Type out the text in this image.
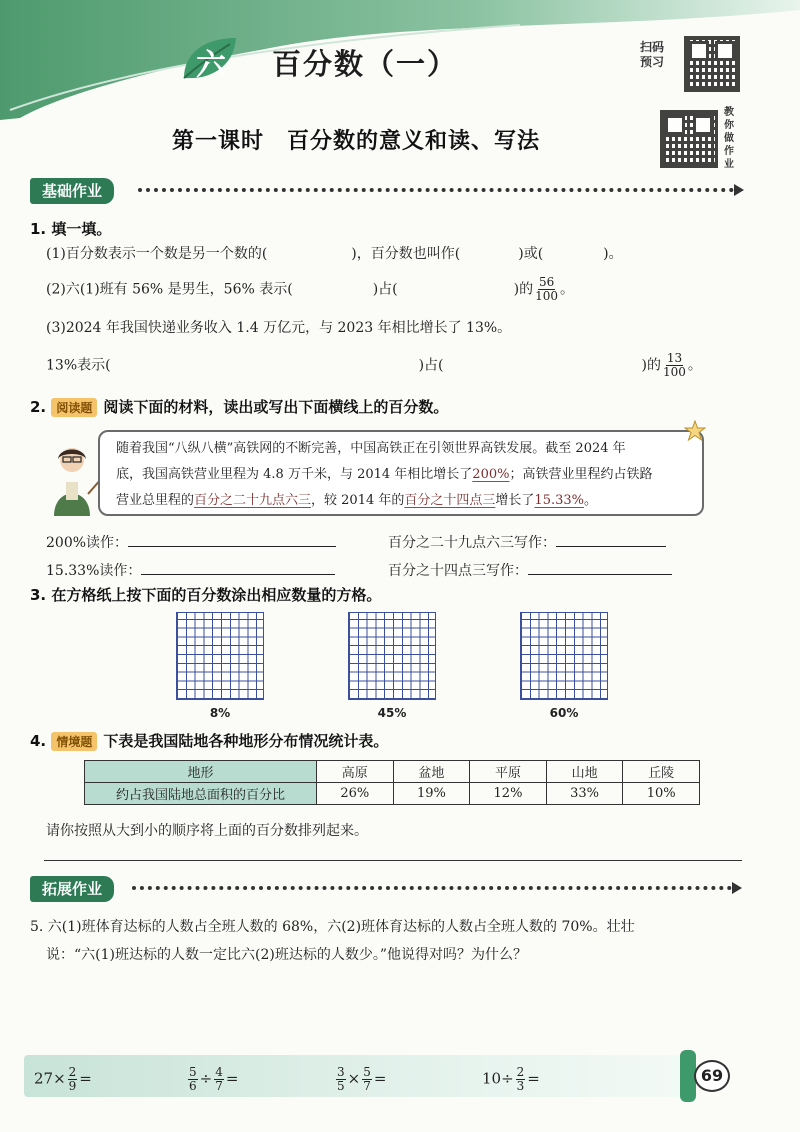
六 百分数（一）	扫码预习
教你做作业
第一课时　百分数的意义和读、写法
基础作业
1. 填一填。
(1)百分数表示一个数是另一个数的(	)，百分数也叫作(	)或(	)。
(2)六(1)班有 56% 是男生，56% 表示(	)占(	)的 $\frac{56}{100}$ 。
(3)2024 年我国快递业务收入 1.4 万亿元，与 2023 年相比增长了 13%。
13%表示(	)占(	)的 $\frac{13}{100}$ 。
2. 阅读题 阅读下面的材料，读出或写出下面横线上的百分数。
随着我国“八纵八横”高铁网的不断完善，中国高铁正在引领世界高铁发展。截至 2024 年
底，我国高铁营业里程为 4.8 万千米，与 2014 年相比增长了200%；高铁营业里程约占铁路
营业总里程的百分之二十九点六三，较 2014 年的百分之十四点三增长了15.33%。
200%读作：	百分之二十九点六三写作：
15.33%读作：	百分之十四点三写作：
3. 在方格纸上按下面的百分数涂出相应数量的方格。
8%	45%	60%
4. 情境题 下表是我国陆地各种地形分布情况统计表。
地形	高原	盆地	平原	山地	丘陵
约占我国陆地总面积的百分比	26%	19%	12%	33%	10%
请你按照从大到小的顺序将上面的百分数排列起来。
拓展作业
5. 六(1)班体育达标的人数占全班人数的 68%，六(2)班体育达标的人数占全班人数的 70%。壮壮
说：“六(1)班达标的人数一定比六(2)班达标的人数少。”他说得对吗？为什么？
69
$27\times \frac{2}{9}$ =	$\frac{5}{6} \div \frac{4}{7}$ =	$\frac{3}{5} \times \frac{5}{7}$ =	$10\div \frac{2}{3}$ =
